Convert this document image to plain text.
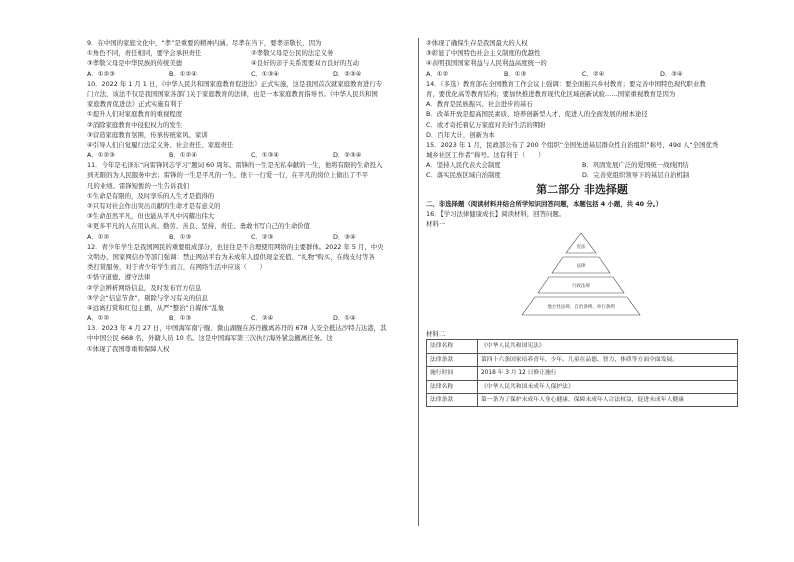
9．在中国的家庭文化中，“孝”是重要的精神内涵。尽孝在当下，要孝亲敬长，因为
①角色不同，责任相同，要学会承担责任	②孝敬父母是公民的法定义务
③孝敬父母是中华民族的传统美德	④良好的亲子关系需要双方良好的互动
A．①②③	B．①②④	C．①③④	D．②③④
10．2022 年 1 月 1 日，《中华人民共和国家庭教育促进法》正式实施，这是我国首次就家庭教育进行专
门立法，该法不仅是我国国家各部门关于家庭教育的法律，也是一本家庭教育指导书。《中华人民共和国
家庭教育促进法》正式实施有利于
①提升人们对家庭教育的重视程度
②消除家庭教育中侵犯权力的发生
③营造家庭教育氛围，传承传统家风、家训
④引导人们自觉履行法定义务、社会责任、家庭责任
A．①②③	B．①②④	C．①③④	D．②③④
11．今年是毛泽东“向雷锋同志学习”题词 60 周年。雷锋的一生是无私奉献的一生，他将有限的生命投入
到无限的为人民服务中去；雷锋的一生是平凡的一生，他干一行爱一行，在平凡的岗位上做出了不平
凡的业绩。雷锋短暂的一生告诉我们
①生命是有限的，及时享乐的人生才是值得的
②只有对社会作出突出贡献的生命才是有意义的
③生命虽然平凡，但也能从平凡中闪耀出伟大
④更多平凡的人在用认真、勤劳、善良、坚持、责任、勇敢书写自己的生命价值
A．①②	B．①③	C．②③	D．③④
12．青少年学生是我国网民的重要组成部分，也往往是不合理使用网络的主要群体。2022 年 5 月，中央
文明办、国家网信办等部门强调：禁止网站平台为未成年人提供现金充值、“礼物”购买、在线支付等各
类打赏服务，对于青少年学生而言，在网络生活中应该（　　）
①恪守道德、遵守法律
②学会辨析网络信息，及时发布官方信息
③学会“信息节食”，剔除与学习有关的信息
④远离打赏和红包主播，从严“整治”自媒体“乱象
A．①②	B．①③	C．②④	D．①④
13．2023 年 4 月 27 日，中国海军南宁舰、微山湖舰在苏丹撤离苏丹的 678 人安全抵达沙特吉达港，其
中中国公民 668 名，外籍人员 10 名。这是中国海军第三次执行海外紧急撤离任务。这
①体现了我国尊重和保障人权
②体现了确保生存是我国最大的人权
③彰显了中国特色社会主义制度的优越性
④表明我国国家利益与人民利益高度统一的
A．①②	B．①③	C．②④	D．③④
14．（多选）教育部在全国教育工作会议上强调：要全面振兴乡村教育；要完善中国特色现代职业教
育，要优化高等教育结构；要加快推进教育现代化区域创新试验……国家重视教育是因为
A．教育是民族振兴、社会进步的基石
B．改革开放是提高国民素质、培养创新型人才、促进人的全面发展的根本途径
C．或才奇托着亿万家庭对美好生活的期盼
D．百年大计，创新为本
15．2023 年 1 月，民政部公布了 200 个组织“全国先进基层群众性自治组织”称号，49d 人“全国优秀
城乡社区工作者”称号。这有利于（　　）
A．坚持人民代表大会制度	B．巩固发展广泛的爱国统一战线团结
C．落实民族区域自治制度	D．完善党组织领导下的基层自治机制
第二部分 非选择题
二、非选择题（阅读材料并结合所学知识回答问题，本题包括 4 小题，共 40 分。）
16．【学习法律健康成长】阅读材料，回答问题。
材料一
宪法
法律
行政法规
地方性法规、自治条例、单行条例
材料二
法律名称	《中华人民共和国宪法》
法律条款	第四十六条国家培养青年、少年、儿童在品德、智力、体质等方面全面发展。
施行时间	2018 年 3 月 12 日修正施行
法律名称	《中华人民共和国未成年人保护法》
法律条款	第一条为了保护未成年人身心健康，保障未成年人合法权益，促进未成年人健康
